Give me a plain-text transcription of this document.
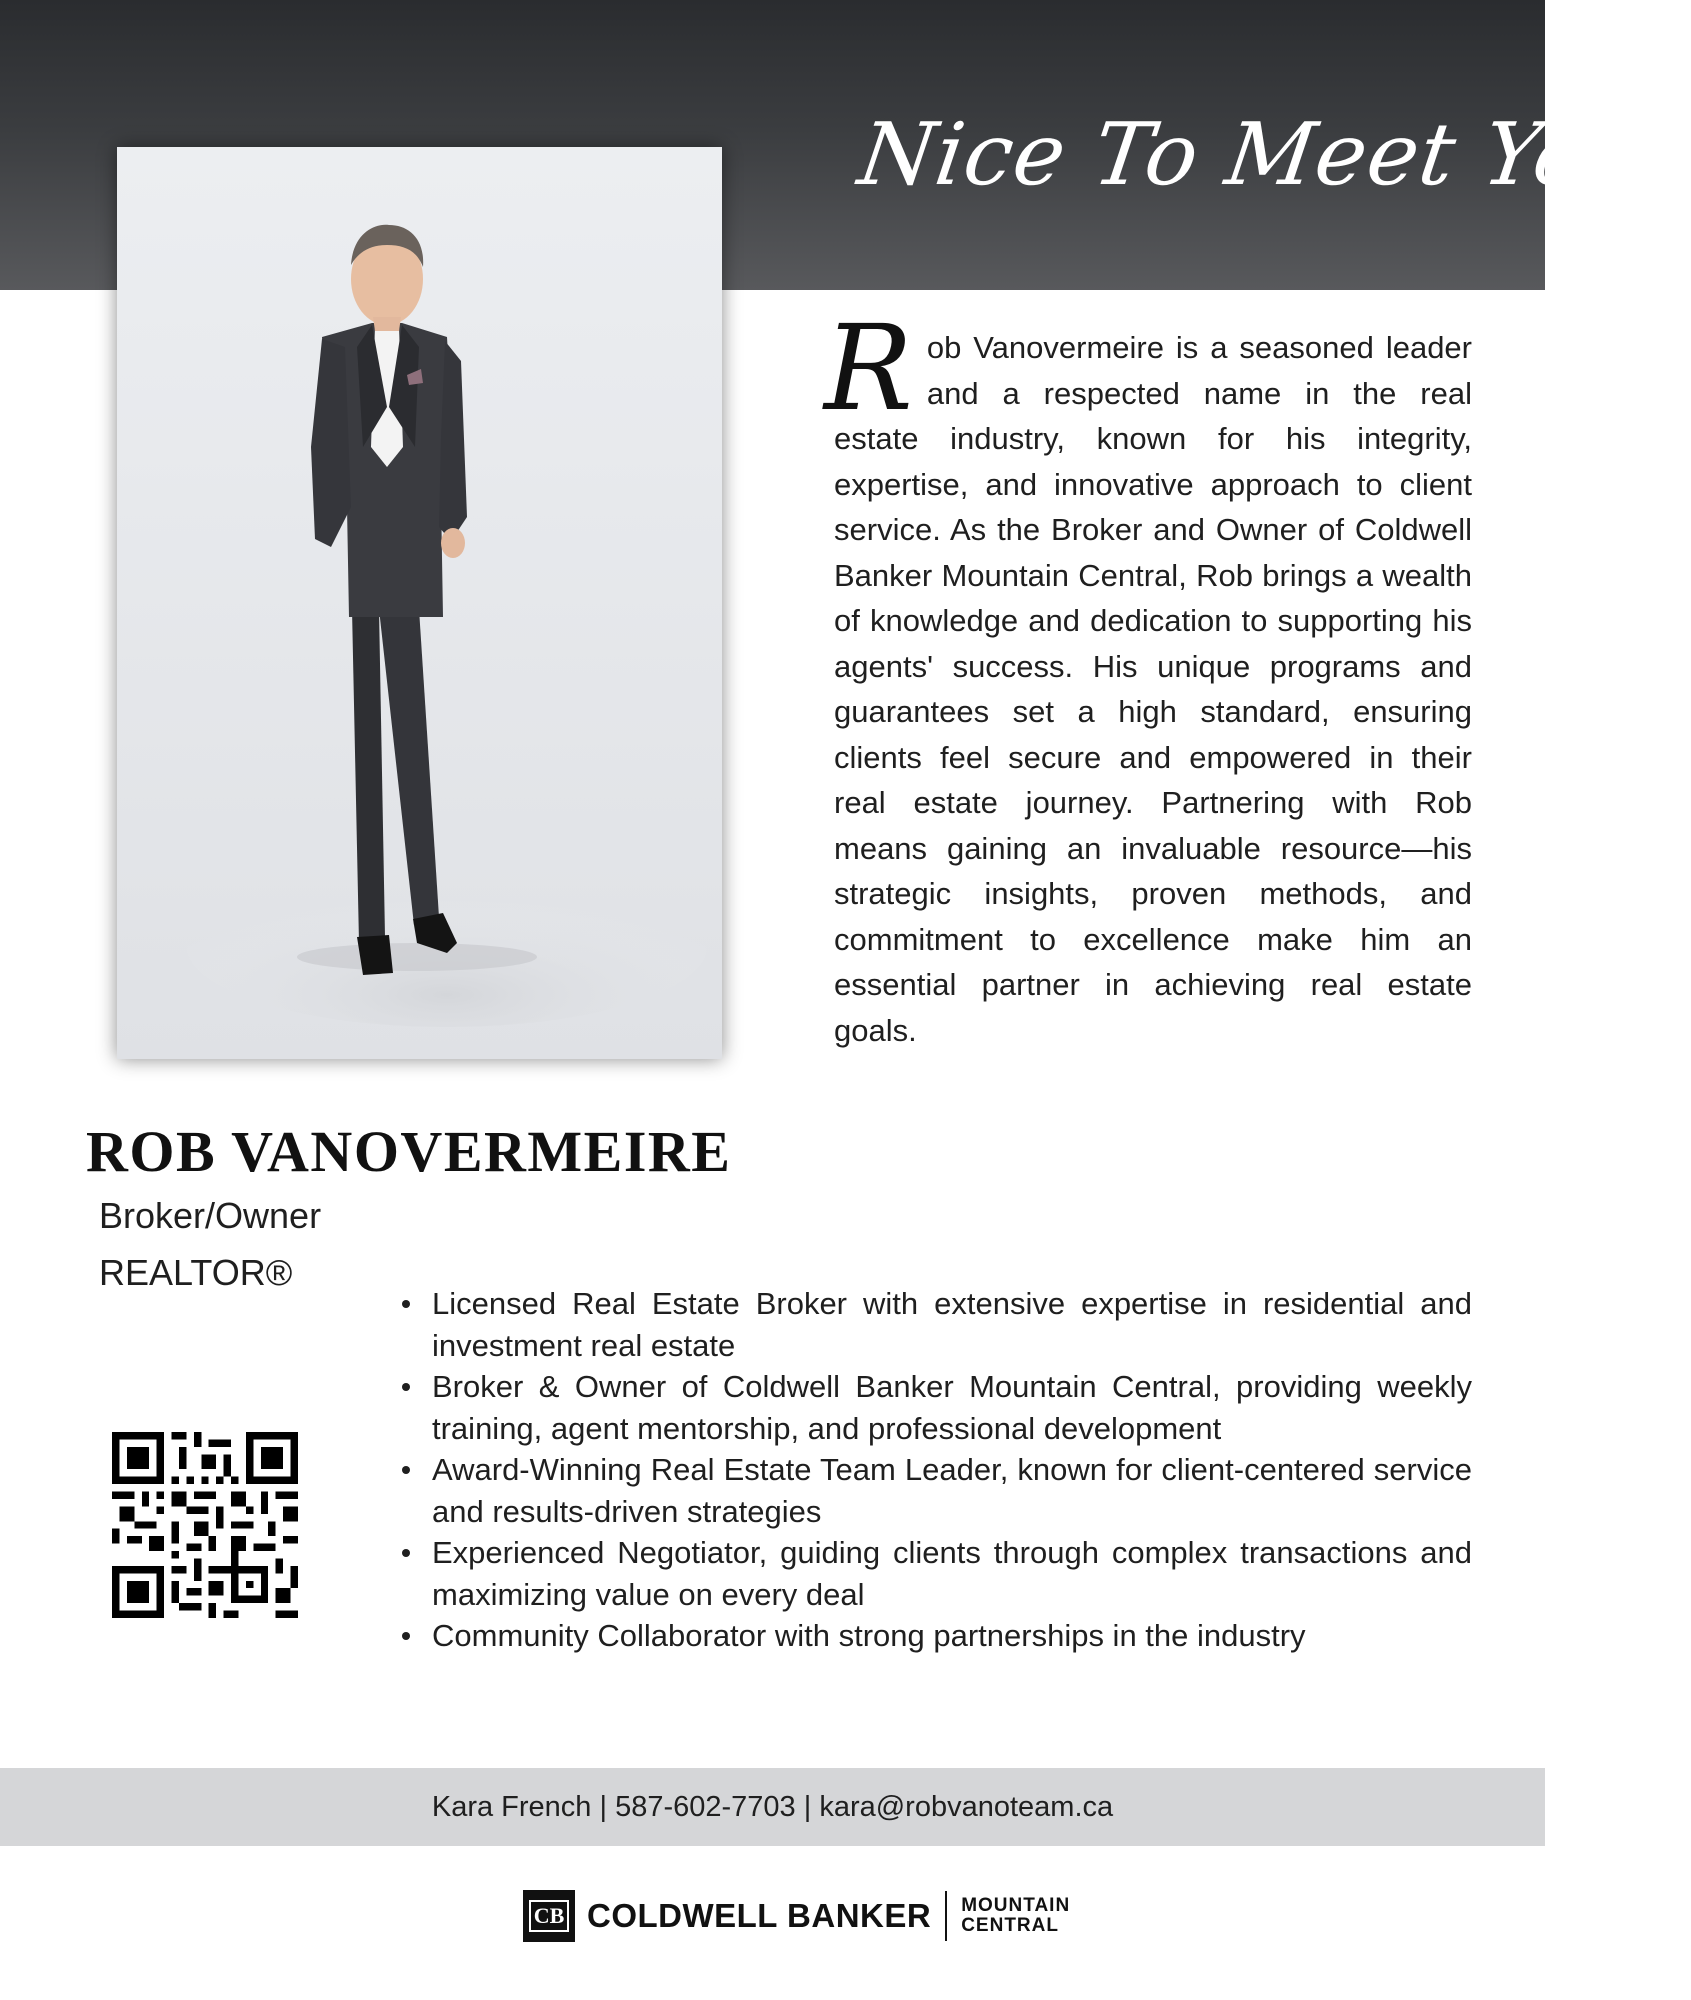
Nice To Meet You!
Rob Vanovermeire is a seasoned leader and a respected name in the real estate industry, known for his integrity, expertise, and innovative approach to client service. As the Broker and Owner of Coldwell Banker Mountain Central, Rob brings a wealth of knowledge and dedication to supporting his agents' success. His unique programs and guarantees set a high standard, ensuring clients feel secure and empowered in their real estate journey. Partnering with Rob means gaining an invaluable resource—his strategic insights, proven methods, and commitment to excellence make him an essential partner in achieving real estate goals.
ROB VANOVERMEIRE
Broker/Owner
REALTOR®
Licensed Real Estate Broker with extensive expertise in residential and investment real estate
Broker & Owner of Coldwell Banker Mountain Central, providing weekly training, agent mentorship, and professional development
Award-Winning Real Estate Team Leader, known for client-centered service and results-driven strategies
Experienced Negotiator, guiding clients through complex transactions and maximizing value on every deal
Community Collaborator with strong partnerships in the industry
Kara French | 587-602-7703 | kara@robvanoteam.ca
CB COLDWELL BANKER MOUNTAIN
CENTRAL
